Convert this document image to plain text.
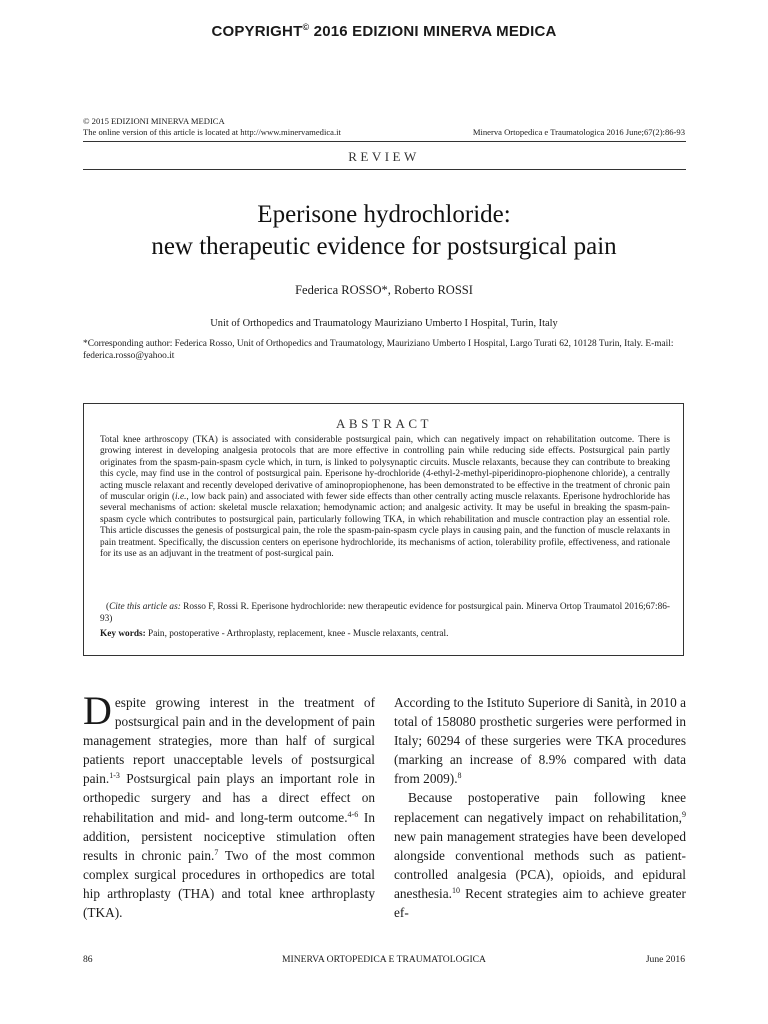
COPYRIGHT© 2016 EDIZIONI MINERVA MEDICA
© 2015 EDIZIONI MINERVA MEDICA
The online version of this article is located at http://www.minervamedica.it	Minerva Ortopedica e Traumatologica 2016 June;67(2):86-93
REVIEW
Eperisone hydrochloride:
new therapeutic evidence for postsurgical pain
Federica ROSSO*, Roberto ROSSI
Unit of Orthopedics and Traumatology Mauriziano Umberto I Hospital, Turin, Italy
*Corresponding author: Federica Rosso, Unit of Orthopedics and Traumatology, Mauriziano Umberto I Hospital, Largo Turati 62, 10128 Turin, Italy. E-mail: federica.rosso@yahoo.it
ABSTRACT
Total knee arthroscopy (TKA) is associated with considerable postsurgical pain, which can negatively impact on rehabilitation outcome. There is growing interest in developing analgesia protocols that are more effective in controlling pain while reducing side effects. Postsurgical pain partly originates from the spasm-pain-spasm cycle which, in turn, is linked to polysynaptic circuits. Muscle relaxants, because they can contribute to breaking this cycle, may find use in the control of postsurgical pain. Eperisone hy-drochloride (4-ethyl-2-methyl-piperidinopro-piophenone chloride), a centrally acting muscle relaxant and recently developed derivative of aminopropiophenone, has been demonstrated to be effective in the treatment of chronic pain of muscular origin (i.e., low back pain) and associated with fewer side effects than other centrally acting muscle relaxants. Eperisone hydrochloride has several mechanisms of action: skeletal muscle relaxation; hemodynamic action; and analgesic activity. It may be useful in breaking the spasm-pain-spasm cycle which contributes to postsurgical pain, particularly following TKA, in which rehabilitation and muscle contraction play an essential role. This article discusses the genesis of postsurgical pain, the role the spasm-pain-spasm cycle plays in causing pain, and the function of muscle relaxants in pain treatment. Specifically, the discussion centers on eperisone hydrochloride, its mechanisms of action, tolerability profile, effectiveness, and rationale for its use as an adjuvant in the treatment of post-surgical pain.
(Cite this article as: Rosso F, Rossi R. Eperisone hydrochloride: new therapeutic evidence for postsurgical pain. Minerva Ortop Traumatol 2016;67:86-93)
Key words: Pain, postoperative - Arthroplasty, replacement, knee - Muscle relaxants, central.
Despite growing interest in the treatment of postsurgical pain and in the development of pain management strategies, more than half of surgical patients report unacceptable levels of postsurgical pain.$^{1-3}$ Postsurgical pain plays an important role in orthopedic surgery and has a direct effect on rehabilitation and mid- and long-term outcome.$^{4-6}$ In addition, persistent nociceptive stimulation often results in chronic pain.$^7$ Two of the most common complex surgical procedures in orthopedics are total hip arthroplasty (THA) and total knee arthroplasty (TKA).

According to the Istituto Superiore di Sanità, in 2010 a total of 158080 prosthetic surgeries were performed in Italy; 60294 of these surgeries were TKA procedures (marking an increase of 8.9% compared with data from 2009).$^8$

Because postoperative pain following knee replacement can negatively impact on rehabilitation,$^9$ new pain management strategies have been developed alongside conventional methods such as patient-controlled analgesia (PCA), opioids, and epidural anesthesia.$^{10}$ Recent strategies aim to achieve greater ef-

86	MINERVA ORTOPEDICA E TRAUMATOLOGICA	June 2016
